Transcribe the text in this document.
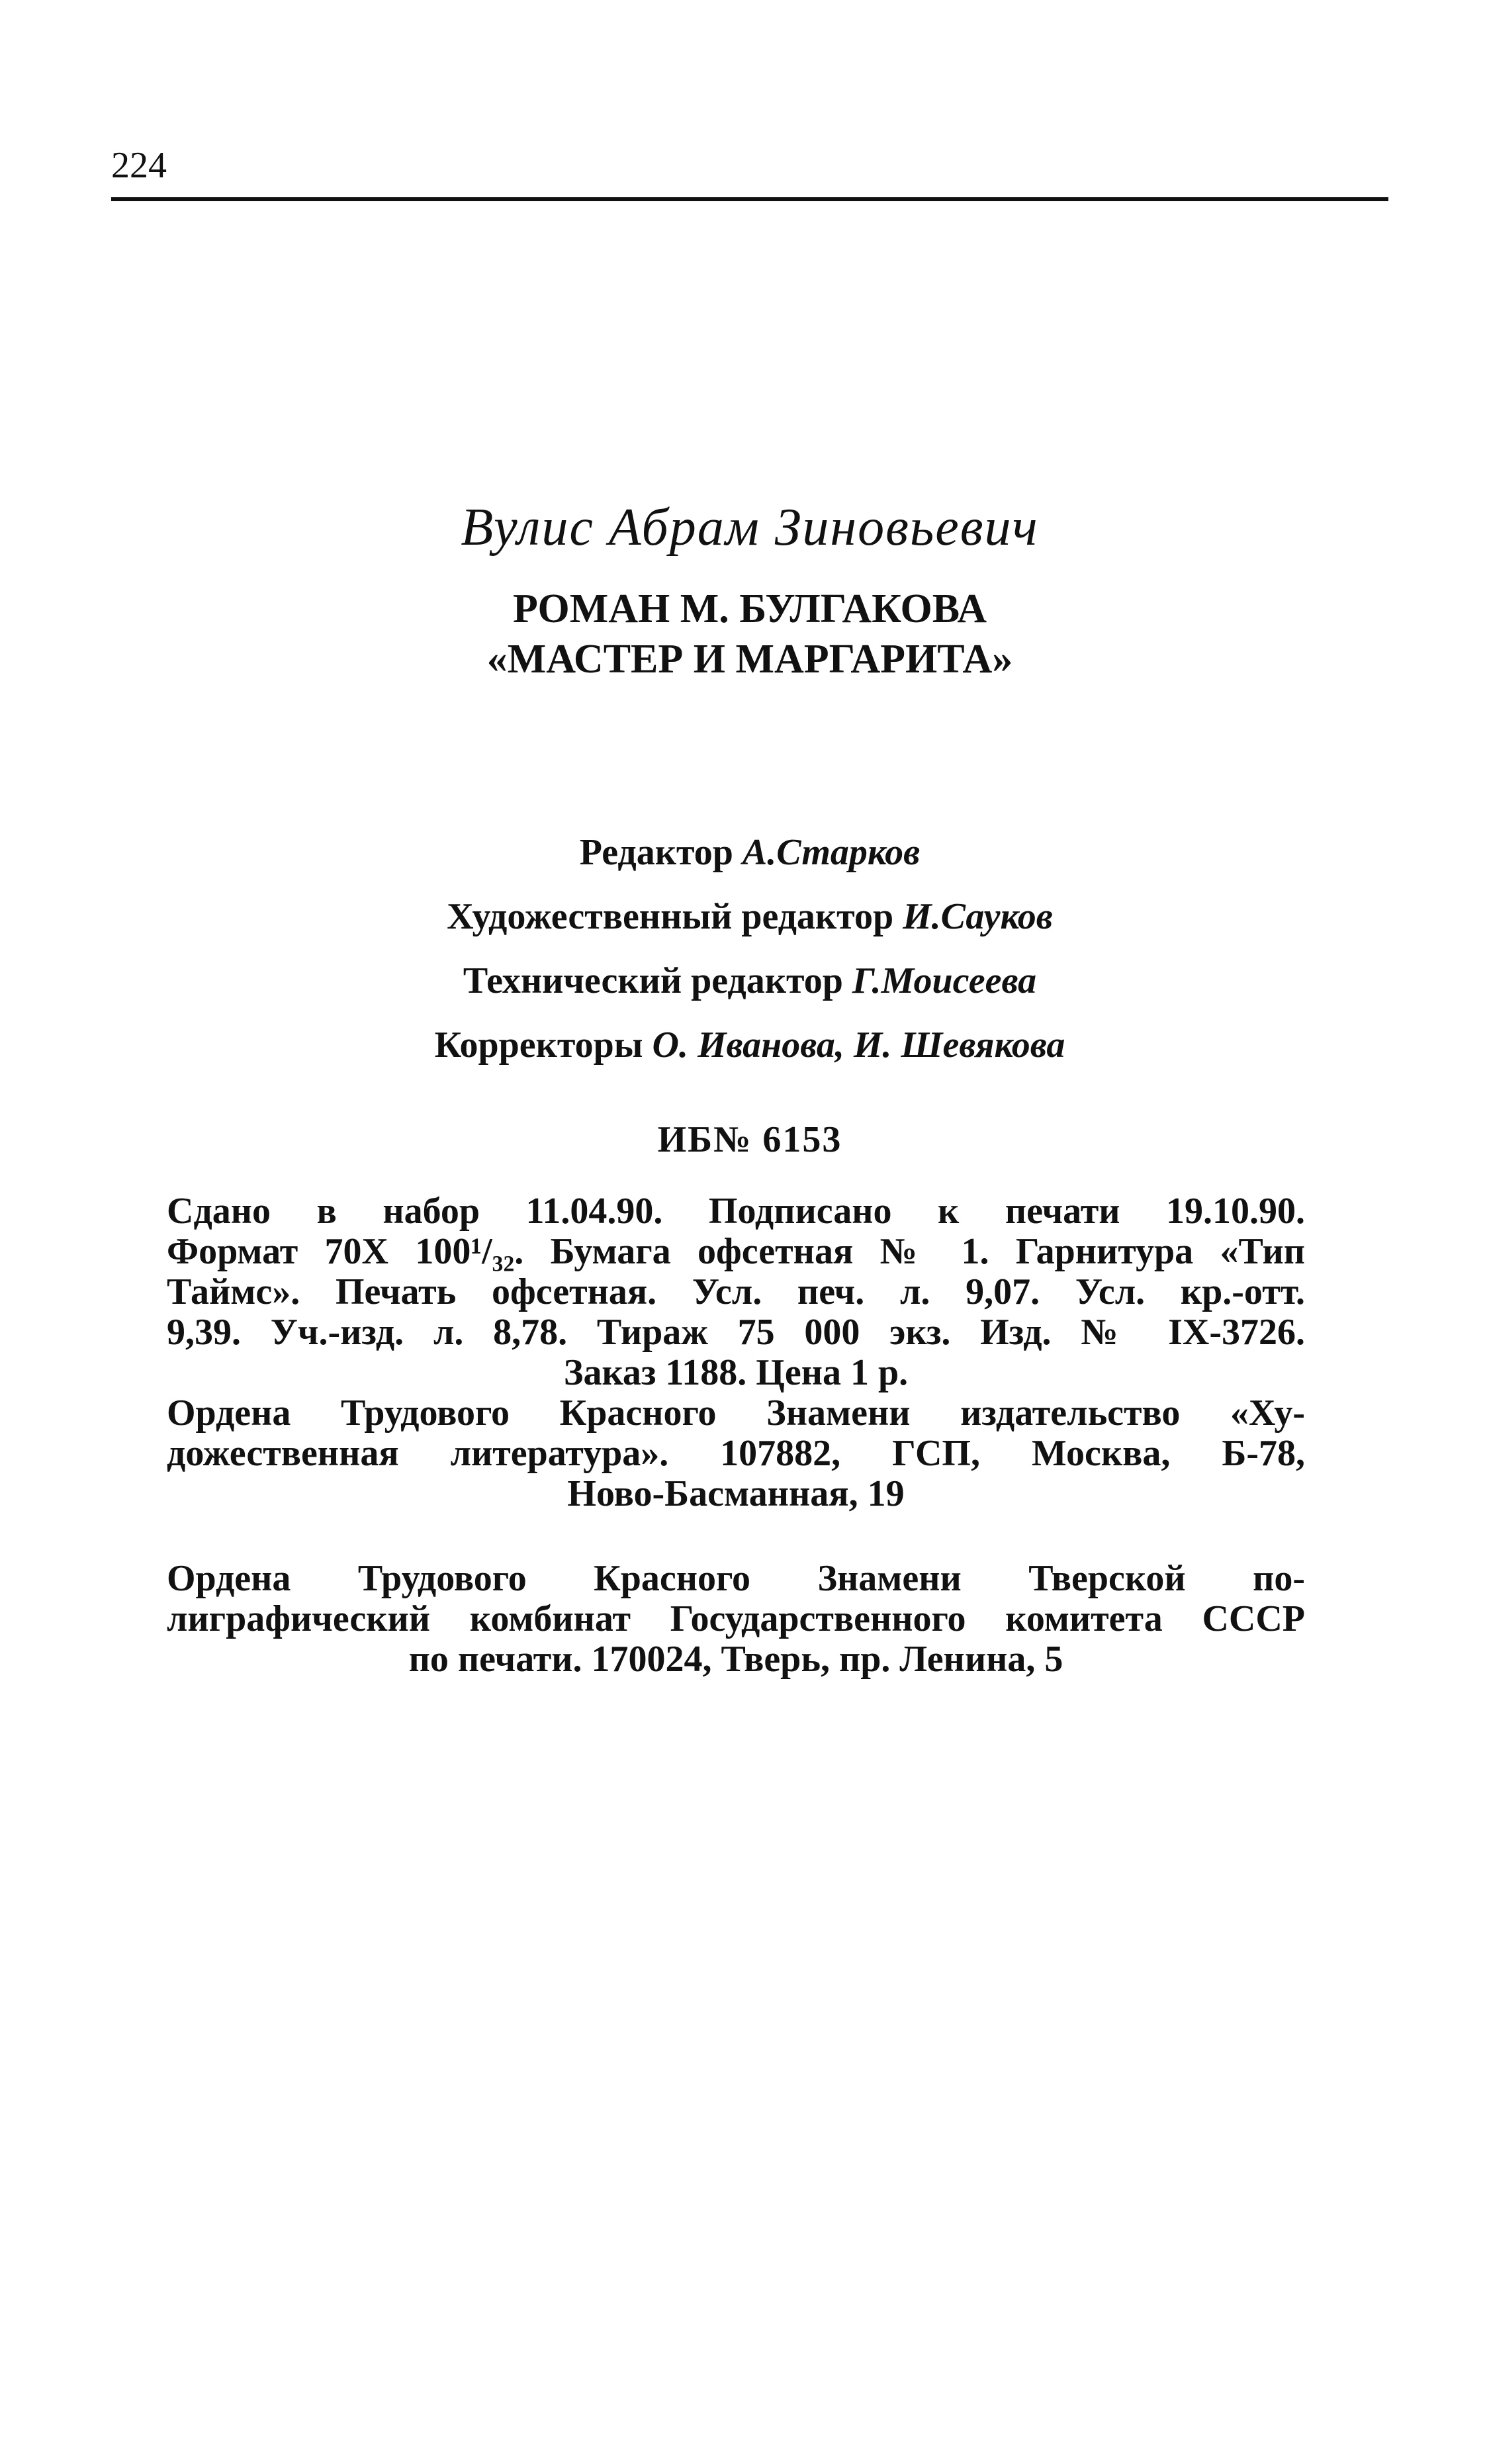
224
Вулис Абрам Зиновьевич
РОМАН М. БУЛГАКОВА
«МАСТЕР И МАРГАРИТА»
Редактор А.Старков
Художественный редактор И.Сауков
Технический редактор Г.Моисеева
Корректоры О. Иванова, И. Шевякова
ИБ№ 6153
Сдано в набор 11.04.90. Подписано к печати 19.10.90.
Формат 70Х 100¹/₃₂. Бумага офсетная № 1. Гарнитура «Тип
Таймс». Печать офсетная. Усл. печ. л. 9,07. Усл. кр.-отт.
9,39. Уч.-изд. л. 8,78. Тираж 75 000 экз. Изд. № IX-3726.
Заказ 1188. Цена 1 р.
Ордена Трудового Красного Знамени издательство «Ху-
дожественная литература». 107882, ГСП, Москва, Б-78,
Ново-Басманная, 19
Ордена Трудового Красного Знамени Тверской по-
лиграфический комбинат Государственного комитета СССР
по печати. 170024, Тверь, пр. Ленина, 5
